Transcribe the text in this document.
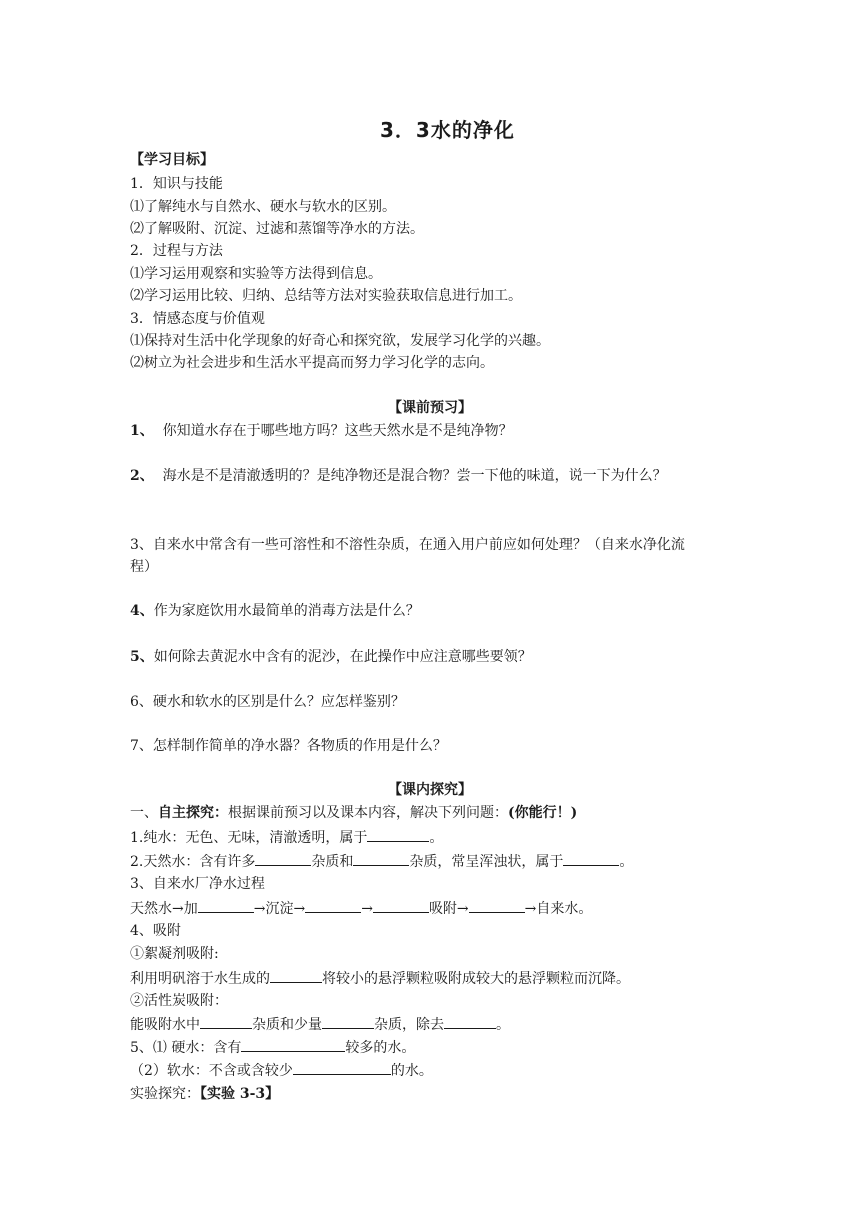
3．3水的净化
【学习目标】
1．知识与技能
⑴了解纯水与自然水、硬水与软水的区别。
⑵了解吸附、沉淀、过滤和蒸馏等净水的方法。
2．过程与方法
⑴学习运用观察和实验等方法得到信息。
⑵学习运用比较、归纳、总结等方法对实验获取信息进行加工。
3．情感态度与价值观
⑴保持对生活中化学现象的好奇心和探究欲，发展学习化学的兴趣。
⑵树立为社会进步和生活水平提高而努力学习化学的志向。
【课前预习】
1、 你知道水存在于哪些地方吗？这些天然水是不是纯净物？
2、 海水是不是清澈透明的？是纯净物还是混合物？尝一下他的味道，说一下为什么？
3、自来水中常含有一些可溶性和不溶性杂质，在通入用户前应如何处理？（自来水净化流
程）
4、作为家庭饮用水最简单的消毒方法是什么？
5、如何除去黄泥水中含有的泥沙，在此操作中应注意哪些要领？
6、硬水和软水的区别是什么？应怎样鉴别？
7、怎样制作简单的净水器？各物质的作用是什么？
【课内探究】
一、自主探究：根据课前预习以及课本内容，解决下列问题：(你能行！)
1.纯水：无色、无味，清澈透明，属于	。
2.天然水：含有许多	杂质和	杂质，常呈浑浊状，属于	。
3、自来水厂净水过程
天然水→加	→沉淀→	→	吸附→	→自来水。
4、吸附
①絮凝剂吸附:
利用明矾溶于水生成的	将较小的悬浮颗粒吸附成较大的悬浮颗粒而沉降。
②活性炭吸附：
能吸附水中	杂质和少量	杂质，除去	。
5、⑴ 硬水：含有	较多的水。
（2）软水：不含或含较少	的水。
实验探究：【实验 3-3】
